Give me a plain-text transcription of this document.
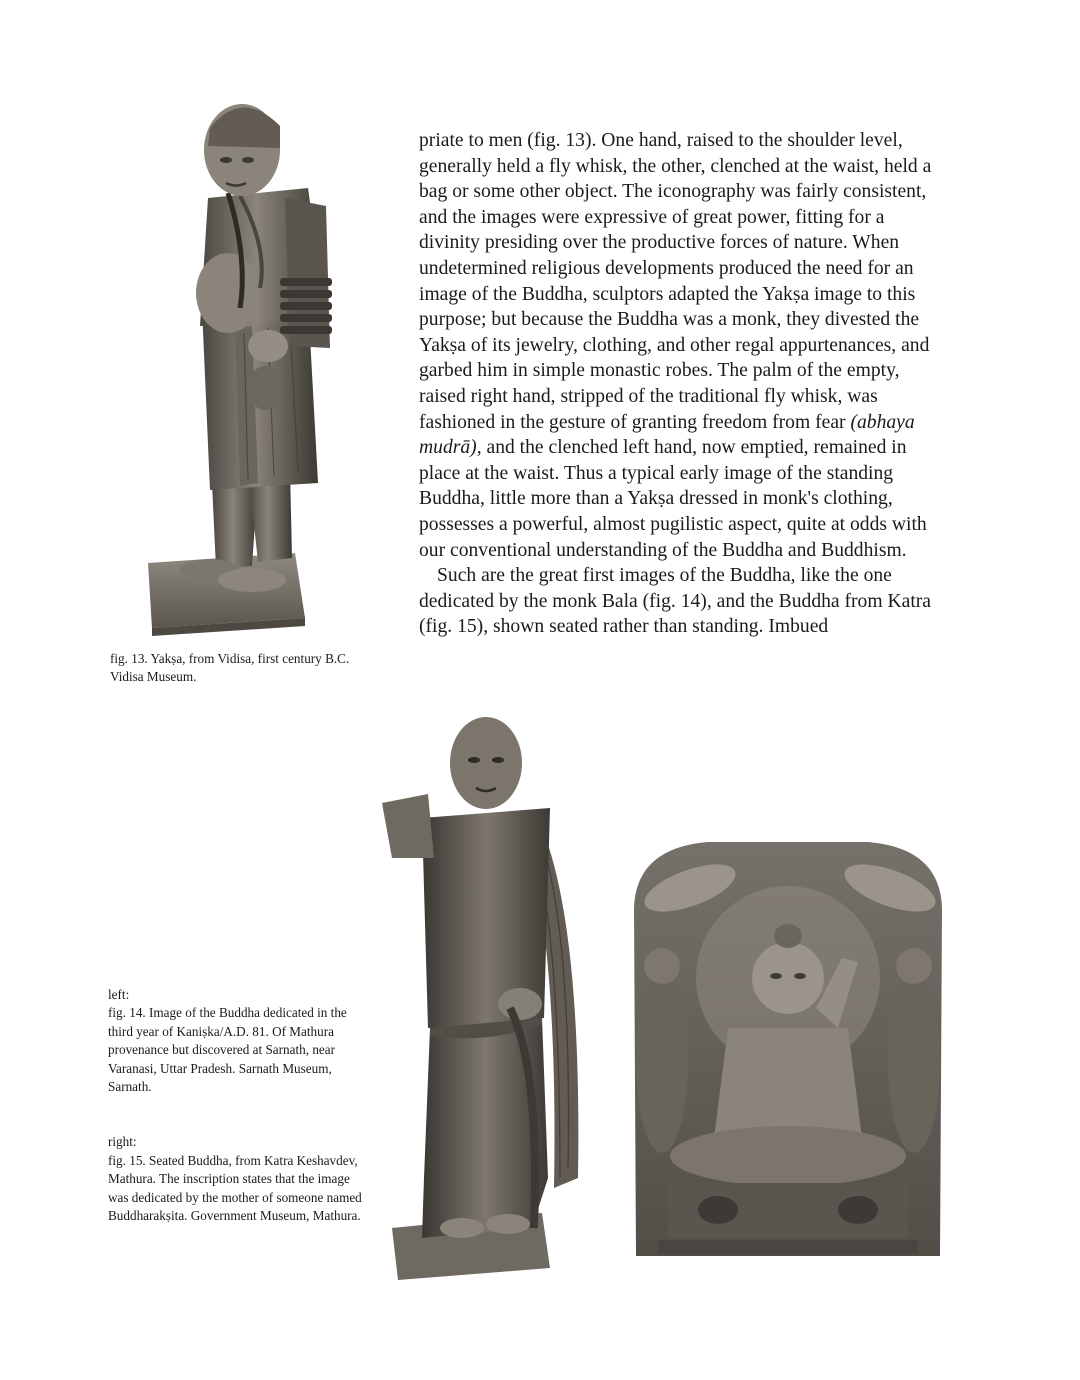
priate to men (fig. 13). One hand, raised to the shoulder level, generally held a fly whisk, the other, clenched at the waist, held a bag or some other object. The iconography was fairly consistent, and the images were expressive of great power, fitting for a divinity presiding over the productive forces of nature. When undetermined religious developments produced the need for an image of the Buddha, sculptors adapted the Yakṣa image to this purpose; but because the Buddha was a monk, they divested the Yakṣa of its jewelry, clothing, and other regal appurtenances, and garbed him in simple monastic robes. The palm of the empty, raised right hand, stripped of the traditional fly whisk, was fashioned in the gesture of granting freedom from fear (abhaya mudrā), and the clenched left hand, now emptied, remained in place at the waist. Thus a typical early image of the standing Buddha, little more than a Yakṣa dressed in monk's clothing, possesses a powerful, almost pugilistic aspect, quite at odds with our conventional understanding of the Buddha and Buddhism.

Such are the great first images of the Buddha, like the one dedicated by the monk Bala (fig. 14), and the Buddha from Katra (fig. 15), shown seated rather than standing. Imbued

fig. 13. Yakṣa, from Vidisa, first century B.C. Vidisa Museum.

left:

fig. 14. Image of the Buddha dedicated in the third year of Kaniṣka/A.D. 81. Of Mathura provenance but discovered at Sarnath, near Varanasi, Uttar Pradesh. Sarnath Museum, Sarnath.

right:

fig. 15. Seated Buddha, from Katra Keshavdev, Mathura. The inscription states that the image was dedicated by the mother of someone named Buddharakṣita. Government Museum, Mathura.
